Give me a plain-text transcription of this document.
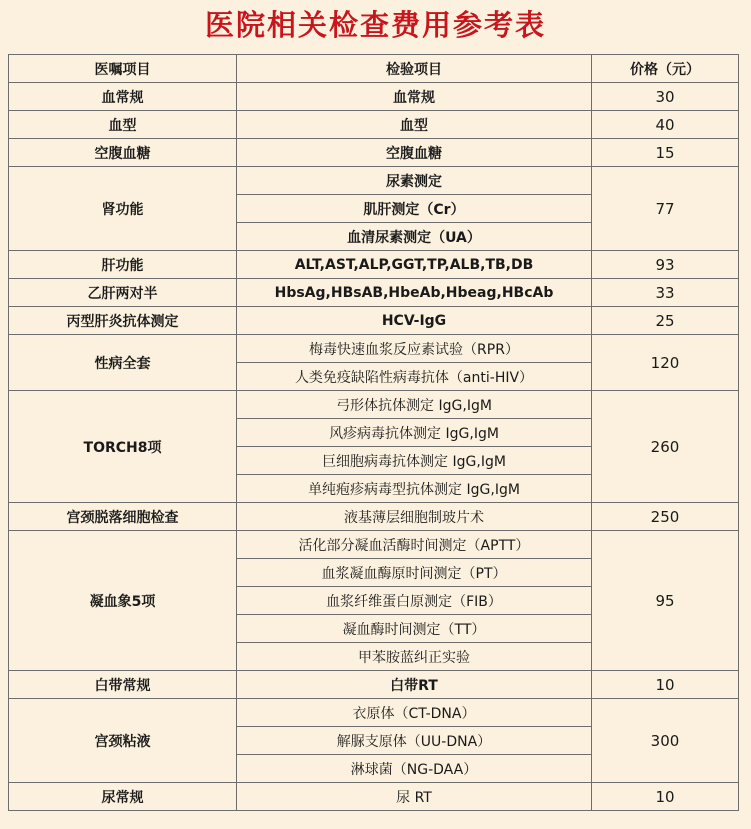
医院相关检查费用参考表
医嘱项目	检验项目	价格（元）
血常规	血常规	30
血型	血型	40
空腹血糖	空腹血糖	15
肾功能	尿素测定	77
	肌肝测定（Cr）	
	血清尿素测定（UA）	
肝功能	ALT,AST,ALP,GGT,TP,ALB,TB,DB	93
乙肝两对半	HbsAg,HBsAB,HbeAb,Hbeag,HBcAb	33
丙型肝炎抗体测定	HCV-IgG	25
性病全套	梅毒快速血浆反应素试验（RPR）	120
	人类免疫缺陷性病毒抗体（anti-HIV）	
TORCH8项	弓形体抗体测定 IgG,IgM	260
	风疹病毒抗体测定 IgG,IgM	
	巨细胞病毒抗体测定 IgG,IgM	
	单纯疱疹病毒型抗体测定 IgG,IgM	
宫颈脱落细胞检查	液基薄层细胞制玻片术	250
凝血象5项	活化部分凝血活酶时间测定（APTT）	95
	血浆凝血酶原时间测定（PT）	
	血浆纤维蛋白原测定（FIB）	
	凝血酶时间测定（TT）	
	甲苯胺蓝纠正实验	
白带常规	白带RT	10
宫颈粘液	衣原体（CT-DNA）	300
	解脲支原体（UU-DNA）	
	淋球菌（NG-DAA）	
尿常规	尿 RT	10
